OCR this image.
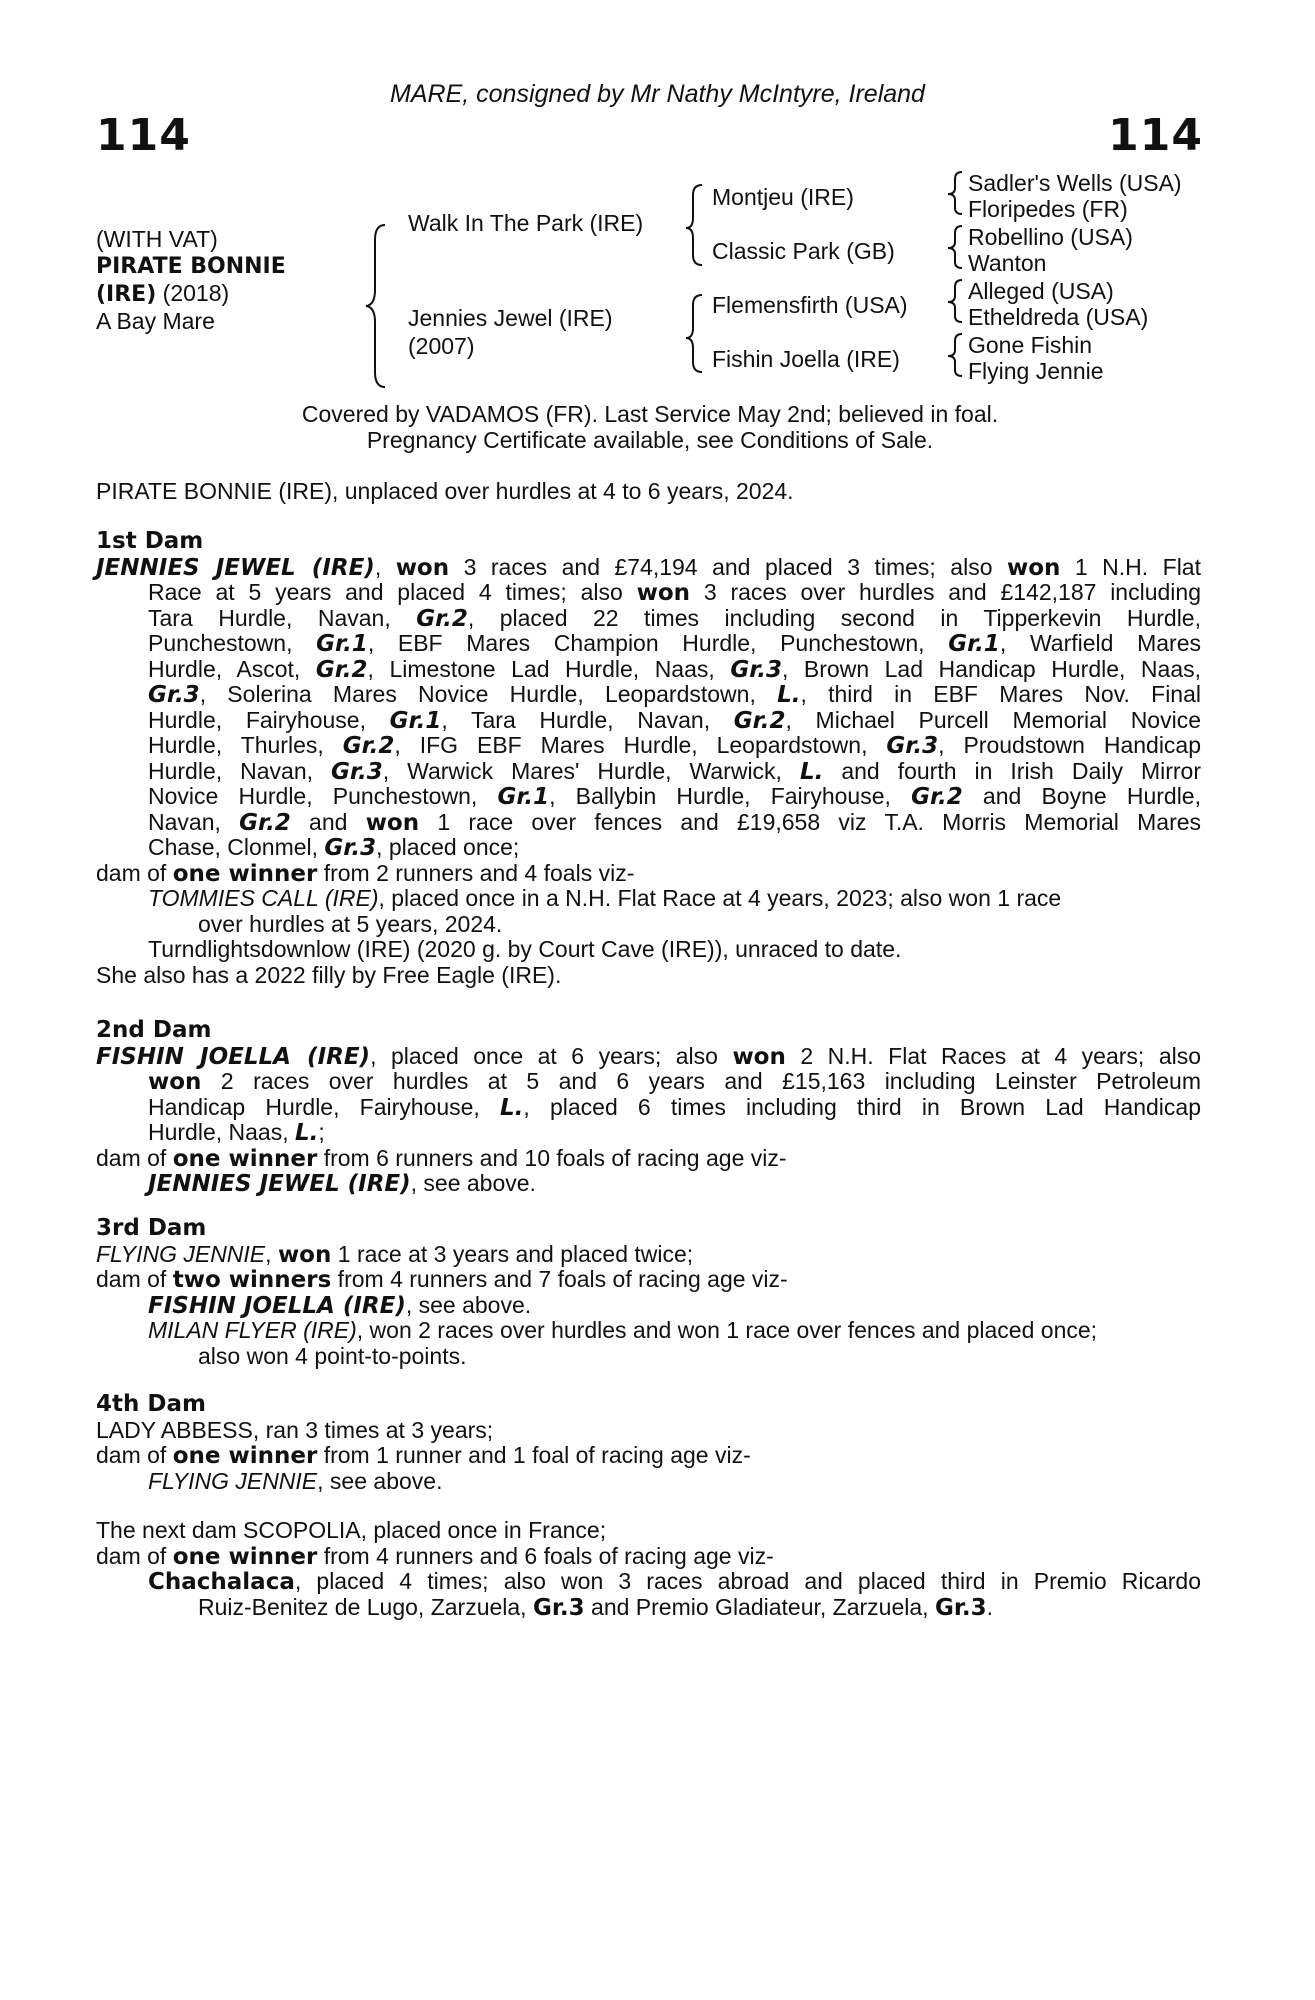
MARE, consigned by Mr Nathy McIntyre, Ireland
114	114
(WITH VAT)
PIRATE BONNIE
(IRE) (2018)
A Bay Mare
Walk In The Park (IRE)
Jennies Jewel (IRE)
(2007)
Montjeu (IRE)
Classic Park (GB)
Flemensfirth (USA)
Fishin Joella (IRE)
Sadler's Wells (USA)
Floripedes (FR)
Robellino (USA)
Wanton
Alleged (USA)
Etheldreda (USA)
Gone Fishin
Flying Jennie
Covered by VADAMOS (FR). Last Service May 2nd; believed in foal.
Pregnancy Certificate available, see Conditions of Sale.
PIRATE BONNIE (IRE), unplaced over hurdles at 4 to 6 years, 2024.
1st Dam
JENNIES JEWEL (IRE), won 3 races and £74,194 and placed 3 times; also won 1 N.H. Flat
Race at 5 years and placed 4 times; also won 3 races over hurdles and £142,187 including
Tara Hurdle, Navan, Gr.2, placed 22 times including second in Tipperkevin Hurdle,
Punchestown, Gr.1, EBF Mares Champion Hurdle, Punchestown, Gr.1, Warfield Mares
Hurdle, Ascot, Gr.2, Limestone Lad Hurdle, Naas, Gr.3, Brown Lad Handicap Hurdle, Naas,
Gr.3, Solerina Mares Novice Hurdle, Leopardstown, L., third in EBF Mares Nov. Final
Hurdle, Fairyhouse, Gr.1, Tara Hurdle, Navan, Gr.2, Michael Purcell Memorial Novice
Hurdle, Thurles, Gr.2, IFG EBF Mares Hurdle, Leopardstown, Gr.3, Proudstown Handicap
Hurdle, Navan, Gr.3, Warwick Mares' Hurdle, Warwick, L. and fourth in Irish Daily Mirror
Novice Hurdle, Punchestown, Gr.1, Ballybin Hurdle, Fairyhouse, Gr.2 and Boyne Hurdle,
Navan, Gr.2 and won 1 race over fences and £19,658 viz T.A. Morris Memorial Mares
Chase, Clonmel, Gr.3, placed once;
dam of one winner from 2 runners and 4 foals viz-
TOMMIES CALL (IRE), placed once in a N.H. Flat Race at 4 years, 2023; also won 1 race
over hurdles at 5 years, 2024.
Turndlightsdownlow (IRE) (2020 g. by Court Cave (IRE)), unraced to date.
She also has a 2022 filly by Free Eagle (IRE).
2nd Dam
FISHIN JOELLA (IRE), placed once at 6 years; also won 2 N.H. Flat Races at 4 years; also
won 2 races over hurdles at 5 and 6 years and £15,163 including Leinster Petroleum
Handicap Hurdle, Fairyhouse, L., placed 6 times including third in Brown Lad Handicap
Hurdle, Naas, L.;
dam of one winner from 6 runners and 10 foals of racing age viz-
JENNIES JEWEL (IRE), see above.
3rd Dam
FLYING JENNIE, won 1 race at 3 years and placed twice;
dam of two winners from 4 runners and 7 foals of racing age viz-
FISHIN JOELLA (IRE), see above.
MILAN FLYER (IRE), won 2 races over hurdles and won 1 race over fences and placed once;
also won 4 point-to-points.
4th Dam
LADY ABBESS, ran 3 times at 3 years;
dam of one winner from 1 runner and 1 foal of racing age viz-
FLYING JENNIE, see above.
The next dam SCOPOLIA, placed once in France;
dam of one winner from 4 runners and 6 foals of racing age viz-
Chachalaca, placed 4 times; also won 3 races abroad and placed third in Premio Ricardo
Ruiz-Benitez de Lugo, Zarzuela, Gr.3 and Premio Gladiateur, Zarzuela, Gr.3.
